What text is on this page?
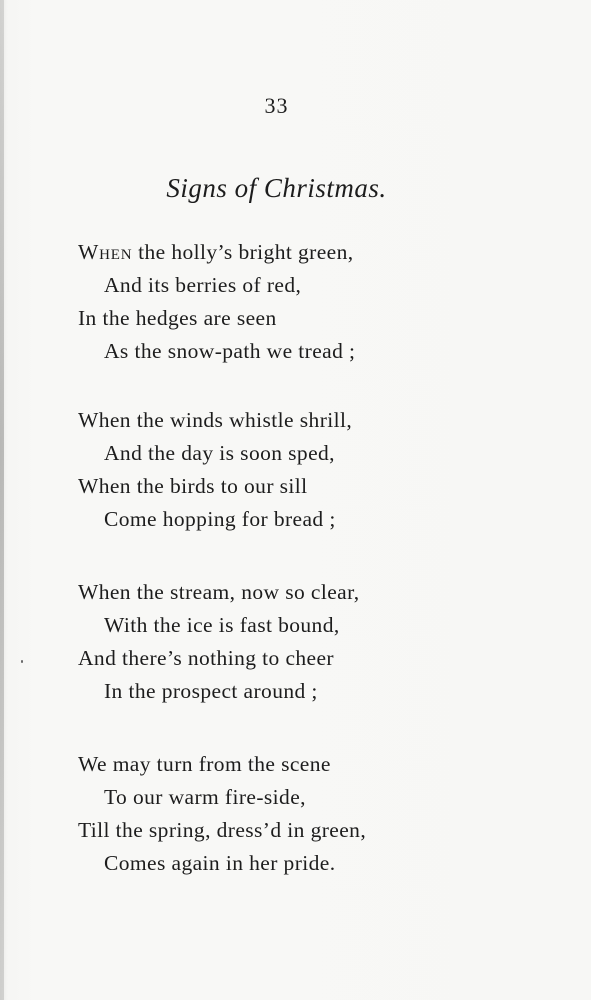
33
Signs of Christmas.
When the holly’s bright green,
And its berries of red,
In the hedges are seen
As the snow-path we tread ;
When the winds whistle shrill,
And the day is soon sped,
When the birds to our sill
Come hopping for bread ;
When the stream, now so clear,
With the ice is fast bound,
And there’s nothing to cheer
In the prospect around ;
We may turn from the scene
To our warm fire-side,
Till the spring, dress’d in green,
Comes again in her pride.
